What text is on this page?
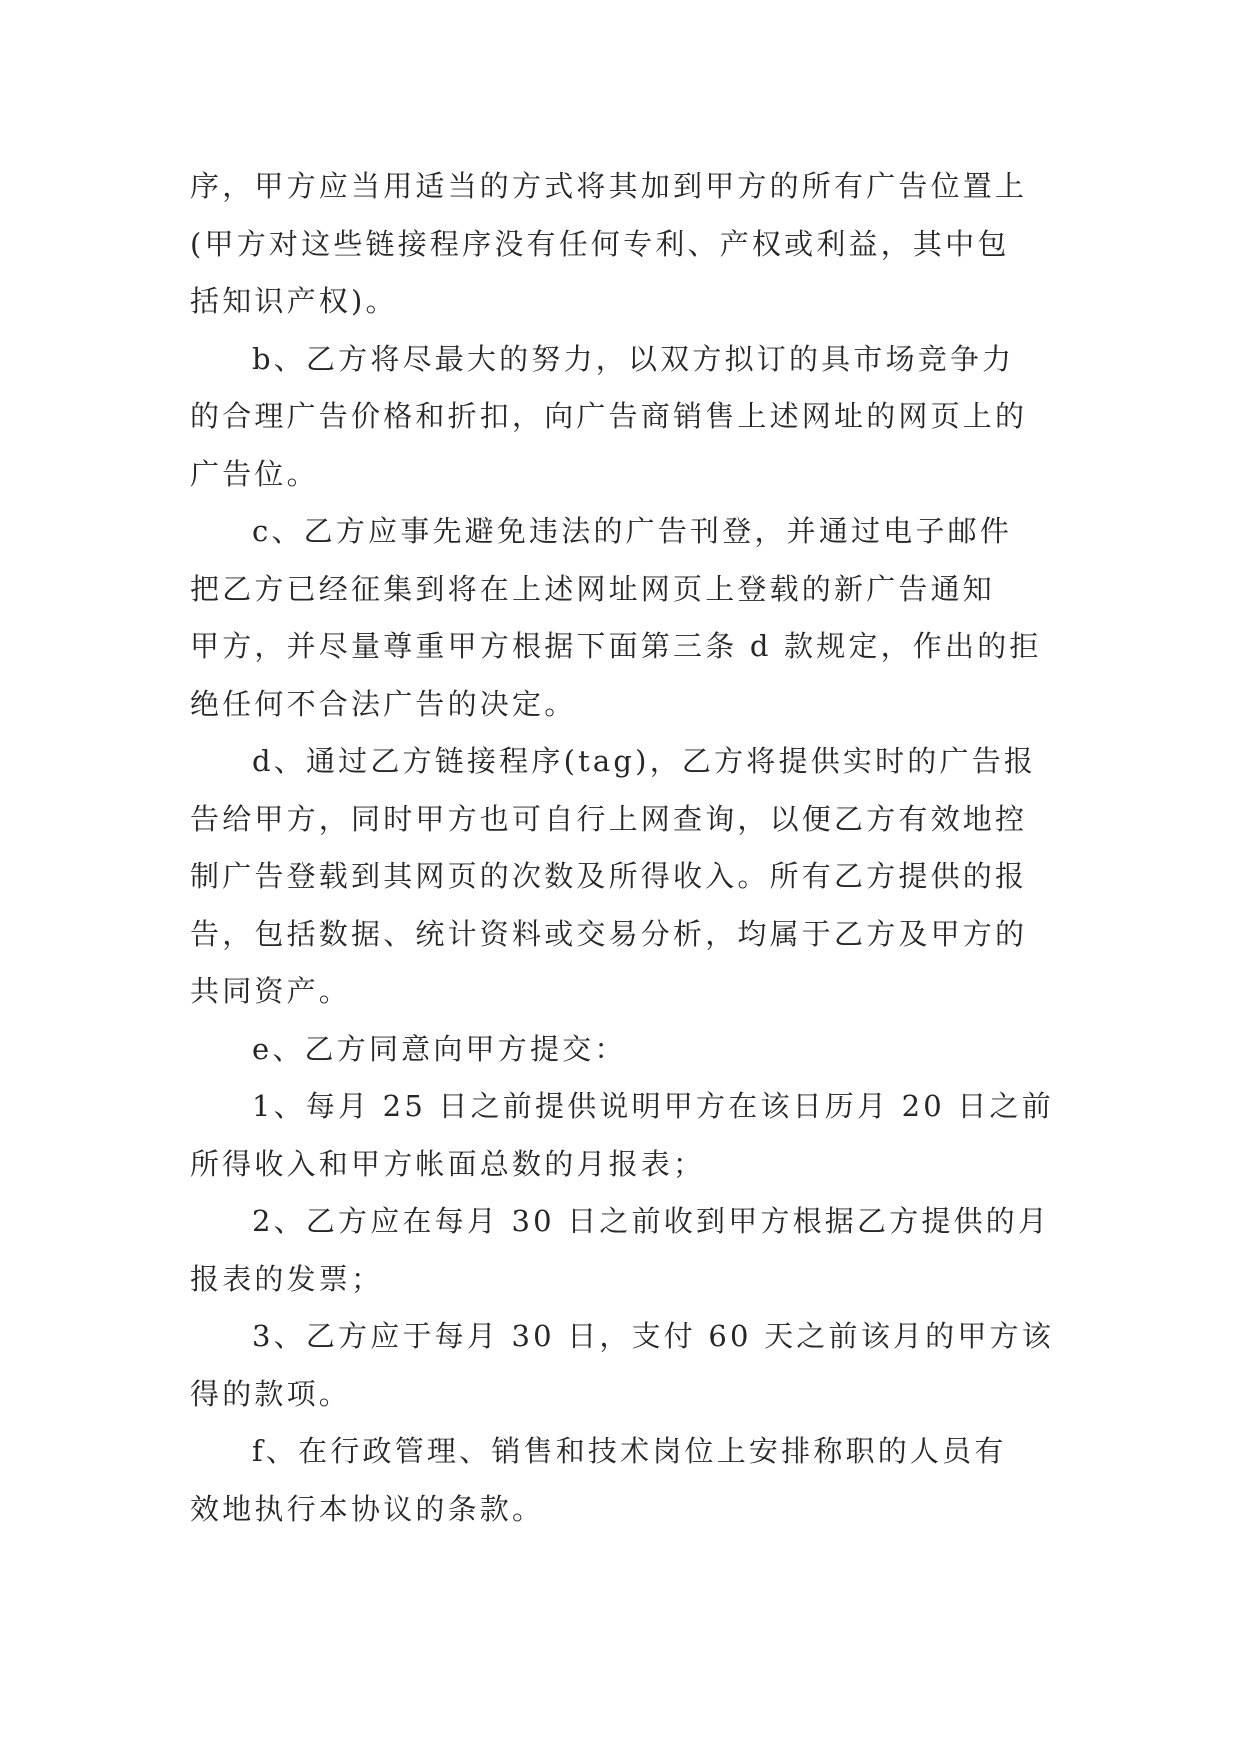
序，甲方应当用适当的方式将其加到甲方的所有广告位置上
(甲方对这些链接程序没有任何专利、产权或利益，其中包
括知识产权)。
b、乙方将尽最大的努力，以双方拟订的具市场竞争力
的合理广告价格和折扣，向广告商销售上述网址的网页上的
广告位。
c、乙方应事先避免违法的广告刊登，并通过电子邮件
把乙方已经征集到将在上述网址网页上登载的新广告通知
甲方，并尽量尊重甲方根据下面第三条 d 款规定，作出的拒
绝任何不合法广告的决定。
d、通过乙方链接程序(tag)，乙方将提供实时的广告报
告给甲方，同时甲方也可自行上网查询，以便乙方有效地控
制广告登载到其网页的次数及所得收入。所有乙方提供的报
告，包括数据、统计资料或交易分析，均属于乙方及甲方的
共同资产。
e、乙方同意向甲方提交：
1、每月 25 日之前提供说明甲方在该日历月 20 日之前
所得收入和甲方帐面总数的月报表；
2、乙方应在每月 30 日之前收到甲方根据乙方提供的月
报表的发票；
3、乙方应于每月 30 日，支付 60 天之前该月的甲方该
得的款项。
f、在行政管理、销售和技术岗位上安排称职的人员有
效地执行本协议的条款。
